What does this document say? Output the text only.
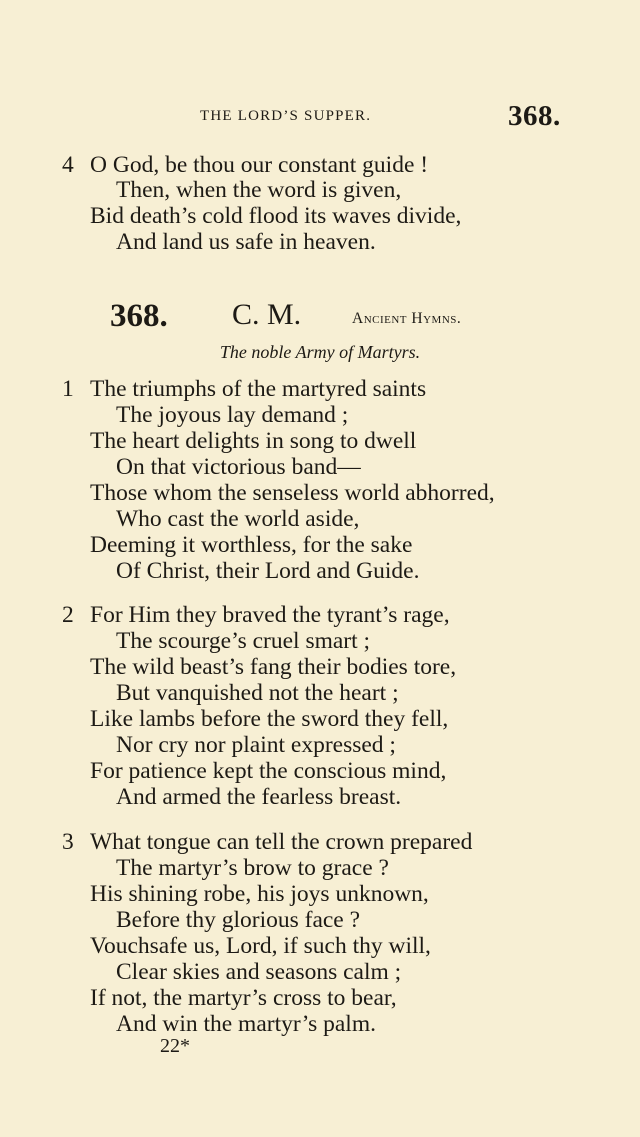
THE LORD’S SUPPER.	368.
4 O God, be thou our constant guide !
Then, when the word is given,
Bid death’s cold flood its waves divide,
And land us safe in heaven.
368. C. M.	Ancient Hymns.
The noble Army of Martyrs.
1 The triumphs of the martyred saints
The joyous lay demand ;
The heart delights in song to dwell
On that victorious band—
Those whom the senseless world abhorred,
Who cast the world aside,
Deeming it worthless, for the sake
Of Christ, their Lord and Guide.
2 For Him they braved the tyrant’s rage,
The scourge’s cruel smart ;
The wild beast’s fang their bodies tore,
But vanquished not the heart ;
Like lambs before the sword they fell,
Nor cry nor plaint expressed ;
For patience kept the conscious mind,
And armed the fearless breast.
3 What tongue can tell the crown prepared
The martyr’s brow to grace ?
His shining robe, his joys unknown,
Before thy glorious face ?
Vouchsafe us, Lord, if such thy will,
Clear skies and seasons calm ;
If not, the martyr’s cross to bear,
And win the martyr’s palm.
22*
